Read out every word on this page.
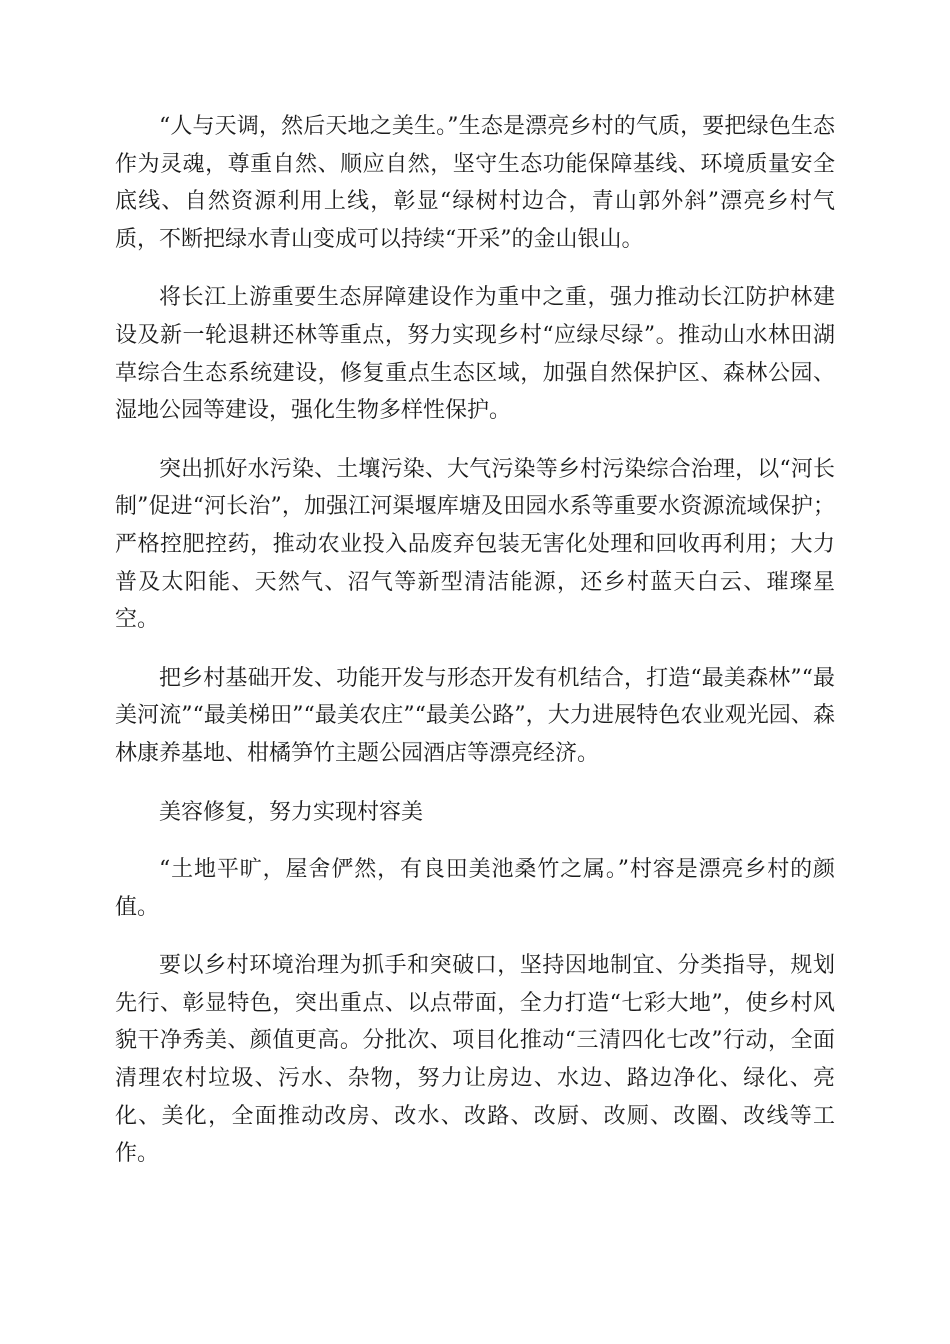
“人与天调，然后天地之美生。”生态是漂亮乡村的气质，要把绿色生态作为灵魂，尊重自然、顺应自然，坚守生态功能保障基线、环境质量安全底线、自然资源利用上线，彰显“绿树村边合，青山郭外斜”漂亮乡村气质，不断把绿水青山变成可以持续“开采”的金山银山。

将长江上游重要生态屏障建设作为重中之重，强力推动长江防护林建设及新一轮退耕还林等重点，努力实现乡村“应绿尽绿”。推动山水林田湖草综合生态系统建设，修复重点生态区域，加强自然保护区、森林公园、湿地公园等建设，强化生物多样性保护。

突出抓好水污染、土壤污染、大气污染等乡村污染综合治理，以“河长制”促进“河长治”，加强江河渠堰库塘及田园水系等重要水资源流域保护；严格控肥控药，推动农业投入品废弃包装无害化处理和回收再利用；大力普及太阳能、天然气、沼气等新型清洁能源，还乡村蓝天白云、璀璨星空。

把乡村基础开发、功能开发与形态开发有机结合，打造“最美森林”“最美河流”“最美梯田”“最美农庄”“最美公路”，大力进展特色农业观光园、森林康养基地、柑橘笋竹主题公园酒店等漂亮经济。

美容修复，努力实现村容美

“土地平旷，屋舍俨然，有良田美池桑竹之属。”村容是漂亮乡村的颜值。

要以乡村环境治理为抓手和突破口，坚持因地制宜、分类指导，规划先行、彰显特色，突出重点、以点带面，全力打造“七彩大地”，使乡村风貌干净秀美、颜值更高。分批次、项目化推动“三清四化七改”行动，全面清理农村垃圾、污水、杂物，努力让房边、水边、路边净化、绿化、亮化、美化，全面推动改房、改水、改路、改厨、改厕、改圈、改线等工作。
